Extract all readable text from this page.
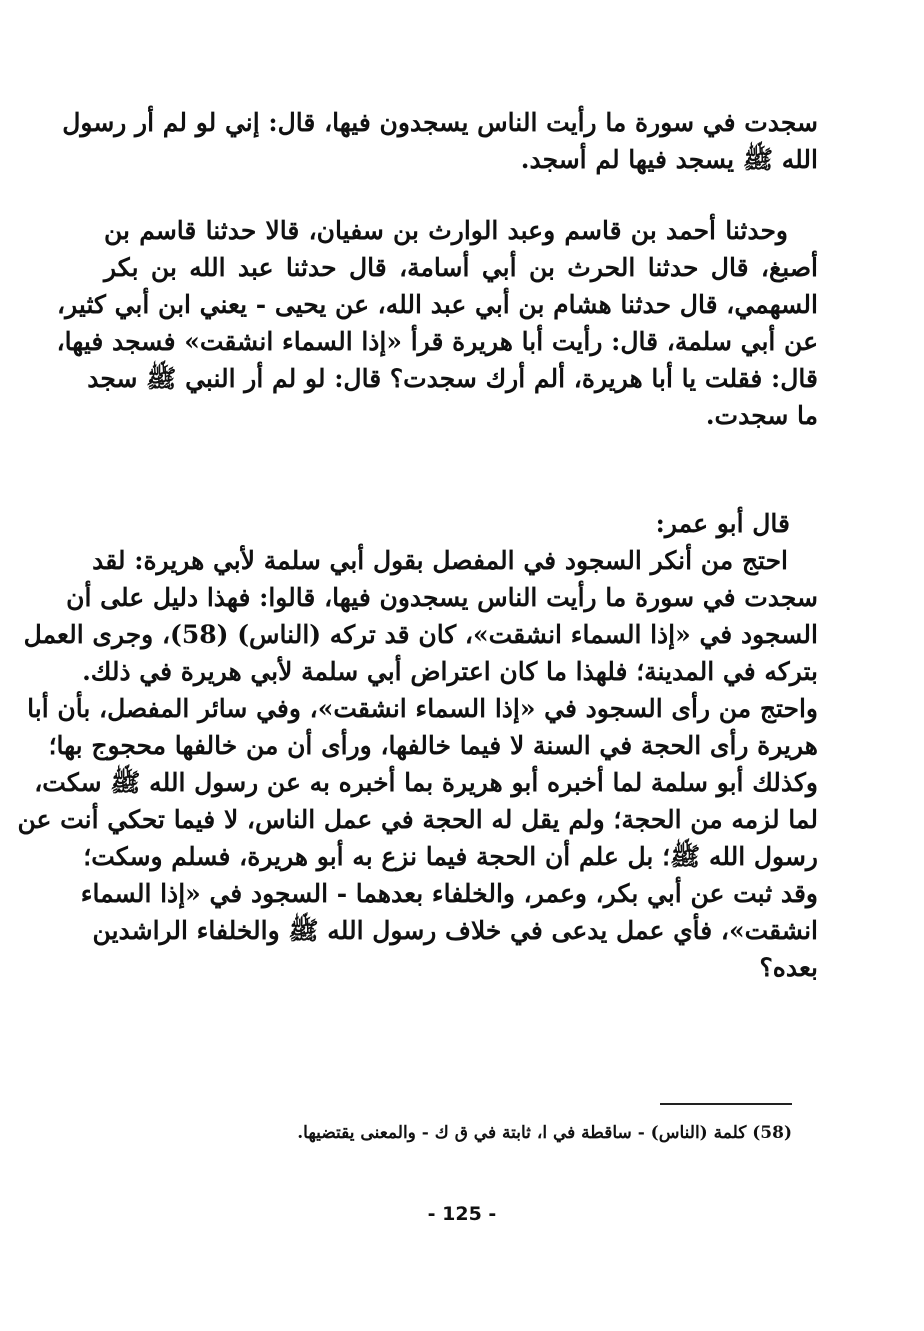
سجدت في سورة ما رأيت الناس يسجدون فيها، قال: إني لو لم أر رسول
الله ﷺ يسجد فيها لم أسجد.
وحدثنا أحمد بن قاسم وعبد الوارث بن سفيان، قالا حدثنا قاسم بن
أصبغ، قال حدثنا الحرث بن أبي أسامة، قال حدثنا عبد الله بن بكر
السهمي، قال حدثنا هشام بن أبي عبد الله، عن يحيى - يعني ابن أبي كثير،
عن أبي سلمة، قال: رأيت أبا هريرة قرأ «إذا السماء انشقت» فسجد فيها،
قال: فقلت يا أبا هريرة، ألم أرك سجدت؟ قال: لو لم أر النبي ﷺ سجد
ما سجدت.
قال أبو عمر:
احتج من أنكر السجود في المفصل بقول أبي سلمة لأبي هريرة: لقد
سجدت في سورة ما رأيت الناس يسجدون فيها، قالوا: فهذا دليل على أن
السجود في «إذا السماء انشقت»، كان قد تركه (الناس) (58)، وجرى العمل
بتركه في المدينة؛ فلهذا ما كان اعتراض أبي سلمة لأبي هريرة في ذلك.
واحتج من رأى السجود في «إذا السماء انشقت»، وفي سائر المفصل، بأن أبا
هريرة رأى الحجة في السنة لا فيما خالفها، ورأى أن من خالفها محجوج بها؛
وكذلك أبو سلمة لما أخبره أبو هريرة بما أخبره به عن رسول الله ﷺ سكت،
لما لزمه من الحجة؛ ولم يقل له الحجة في عمل الناس، لا فيما تحكي أنت عن
رسول الله ﷺ؛ بل علم أن الحجة فيما نزع به أبو هريرة، فسلم وسكت؛
وقد ثبت عن أبي بكر، وعمر، والخلفاء بعدهما - السجود في «إذا السماء
انشقت»، فأي عمل يدعى في خلاف رسول الله ﷺ والخلفاء الراشدين
بعده؟
(58) كلمة (الناس) - ساقطة في ا، ثابتة في ق ك - والمعنى يقتضيها.
- 125 -
